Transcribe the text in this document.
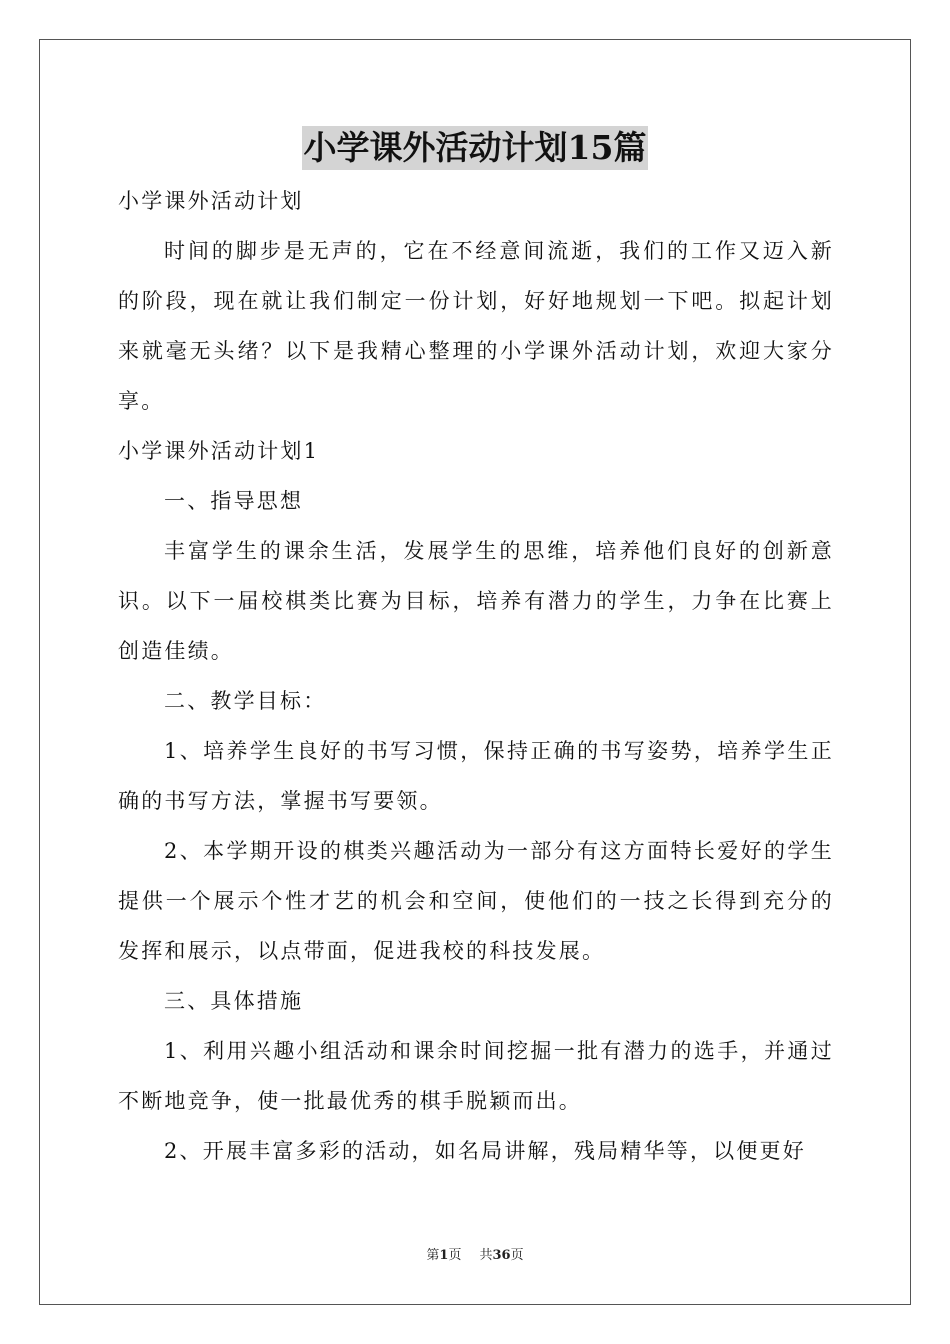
小学课外活动计划15篇

小学课外活动计划

时间的脚步是无声的，它在不经意间流逝，我们的工作又迈入新的阶段，现在就让我们制定一份计划，好好地规划一下吧。拟起计划来就毫无头绪？以下是我精心整理的小学课外活动计划，欢迎大家分享。

小学课外活动计划1

一、指导思想

丰富学生的课余生活，发展学生的思维，培养他们良好的创新意识。以下一届校棋类比赛为目标，培养有潜力的学生，力争在比赛上创造佳绩。

二、教学目标：

1、培养学生良好的书写习惯，保持正确的书写姿势，培养学生正确的书写方法，掌握书写要领。

2、本学期开设的棋类兴趣活动为一部分有这方面特长爱好的学生提供一个展示个性才艺的机会和空间，使他们的一技之长得到充分的发挥和展示，以点带面，促进我校的科技发展。

三、具体措施

1、利用兴趣小组活动和课余时间挖掘一批有潜力的选手，并通过不断地竞争，使一批最优秀的棋手脱颖而出。

2、开展丰富多彩的活动，如名局讲解，残局精华等，以便更好

第1页 共36页
